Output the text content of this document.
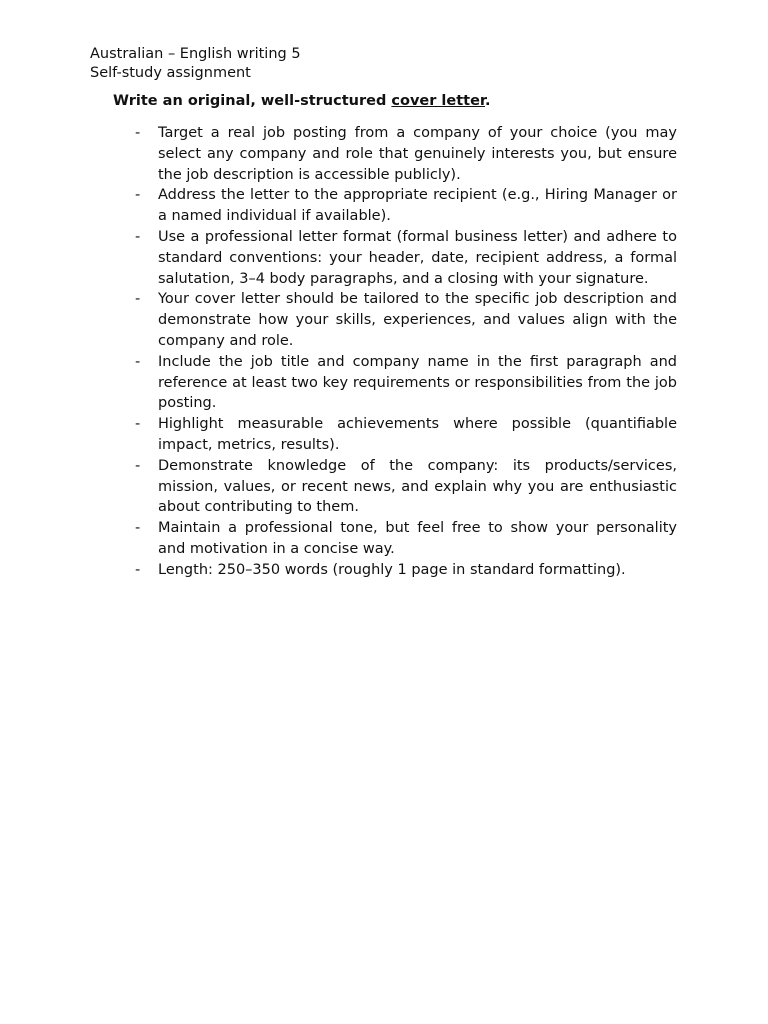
Australian – English writing 5
Self-study assignment
Write an original, well-structured cover letter.
- Target a real job posting from a company of your choice (you may select any company and role that genuinely interests you, but ensure the job description is accessible publicly).
- Address the letter to the appropriate recipient (e.g., Hiring Manager or a named individual if available).
- Use a professional letter format (formal business letter) and adhere to standard conventions: your header, date, recipient address, a formal salutation, 3–4 body paragraphs, and a closing with your signature.
- Your cover letter should be tailored to the specific job description and demonstrate how your skills, experiences, and values align with the company and role.
- Include the job title and company name in the first paragraph and reference at least two key requirements or responsibilities from the job posting.
- Highlight measurable achievements where possible (quantifiable impact, metrics, results).
- Demonstrate knowledge of the company: its products/services, mission, values, or recent news, and explain why you are enthusiastic about contributing to them.
- Maintain a professional tone, but feel free to show your personality and motivation in a concise way.
- Length: 250–350 words (roughly 1 page in standard formatting).
